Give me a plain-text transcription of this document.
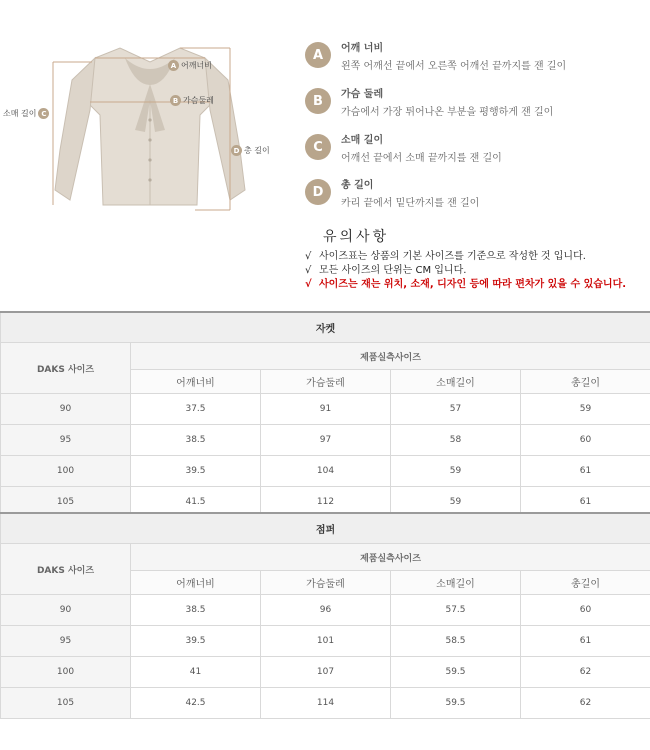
A 어깨너비
B 가슴둘레
소매 길이 C
D 총 길이
A	어깨 너비
왼쪽 어깨선 끝에서 오른쪽 어깨선 끝까지를 잰 길이
B	가슴 둘레
가슴에서 가장 튀어나온 부분을 평행하게 잰 길이
C	소매 길이
어깨선 끝에서 소매 끝까지를 잰 길이
D	총 길이
카리 끝에서 밑단까지를 잰 길이
유의사항
√ 사이즈표는 상품의 기본 사이즈를 기준으로 작성한 것 입니다.
√ 모든 사이즈의 단위는 CM 입니다.
√ 사이즈는 재는 위치, 소재, 디자인 등에 따라 편차가 있을 수 있습니다.
자켓				
DAKS 사이즈	제품실측사이즈			
	어깨너비	가슴둘레	소매길이	총길이
90	37.5	91	57	59
95	38.5	97	58	60
100	39.5	104	59	61
105	41.5	112	59	61
점퍼				
DAKS 사이즈	제품실측사이즈			
	어깨너비	가슴둘레	소매길이	총길이
90	38.5	96	57.5	60
95	39.5	101	58.5	61
100	41	107	59.5	62
105	42.5	114	59.5	62
